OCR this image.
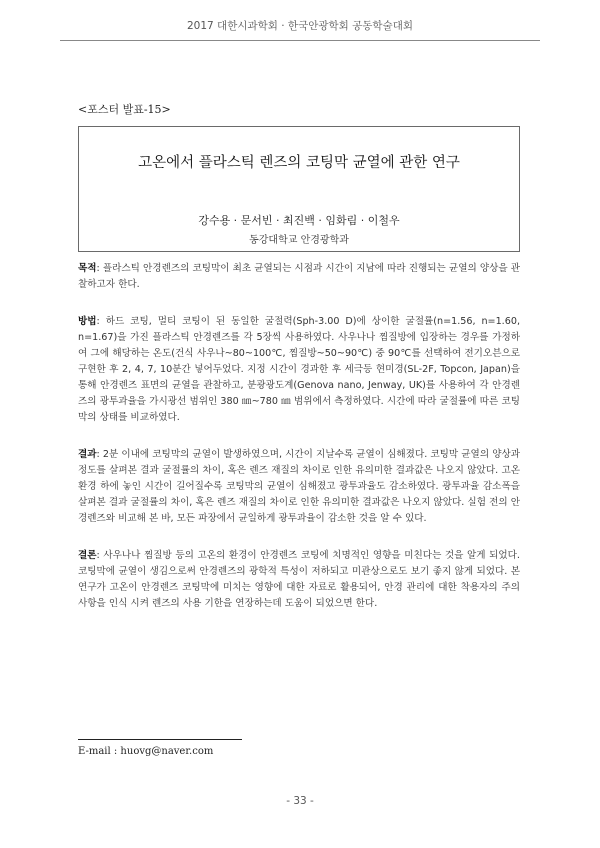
2017 대한시과학회 · 한국안광학회 공동학술대회
<포스터 발표-15>
고온에서 플라스틱 렌즈의 코팅막 균열에 관한 연구
강수용 · 문서빈 · 최진백 · 임화림 · 이철우
동강대학교 안경광학과

목적: 플라스틱 안경렌즈의 코팅막이 최초 균열되는 시점과 시간이 지남에 따라 진행되는 균열의 양상을 관찰하고자 한다.

방법: 하드 코팅, 멀티 코팅이 된 동일한 굴절력(Sph-3.00 D)에 상이한 굴절률(n=1.56, n=1.60, n=1.67)을 가진 플라스틱 안경렌즈를 각 5장씩 사용하였다. 사우나나 찜질방에 입장하는 경우를 가정하여 그에 해당하는 온도(건식 사우나~80~100℃, 찜질방~50~90℃) 중 90℃를 선택하여 전기오븐으로 구현한 후 2, 4, 7, 10분간 넣어두었다. 지정 시간이 경과한 후 세극등 현미경(SL-2F, Topcon, Japan)을 통해 안경렌즈 표면의 균열을 관찰하고, 분광광도계(Genova nano, Jenway, UK)를 사용하여 각 안경렌즈의 광투과율을 가시광선 범위인 380 ㎚~780 ㎚ 범위에서 측정하였다. 시간에 따라 굴절률에 따른 코팅막의 상태를 비교하였다.

결과: 2분 이내에 코팅막의 균열이 발생하였으며, 시간이 지날수록 균열이 심해졌다. 코팅막 균열의 양상과 정도를 살펴본 결과 굴절률의 차이, 혹은 렌즈 재질의 차이로 인한 유의미한 결과값은 나오지 않았다. 고온 환경 하에 놓인 시간이 길어질수록 코팅막의 균열이 심해졌고 광투과율도 감소하였다. 광투과율 감소폭을 살펴본 결과 굴절률의 차이, 혹은 렌즈 재질의 차이로 인한 유의미한 결과값은 나오지 않았다. 실험 전의 안경렌즈와 비교해 본 바, 모든 파장에서 균일하게 광투과율이 감소한 것을 알 수 있다.

결론: 사우나나 찜질방 등의 고온의 환경이 안경렌즈 코팅에 치명적인 영향을 미친다는 것을 알게 되었다. 코팅막에 균열이 생김으로써 안경렌즈의 광학적 특성이 저하되고 미관상으로도 보기 좋지 않게 되었다. 본 연구가 고온이 안경렌즈 코팅막에 미치는 영향에 대한 자료로 활용되어, 안경 관리에 대한 착용자의 주의 사항을 인식 시켜 렌즈의 사용 기한을 연장하는데 도움이 되었으면 한다.

E-mail : huovg@naver.com
- 33 -
